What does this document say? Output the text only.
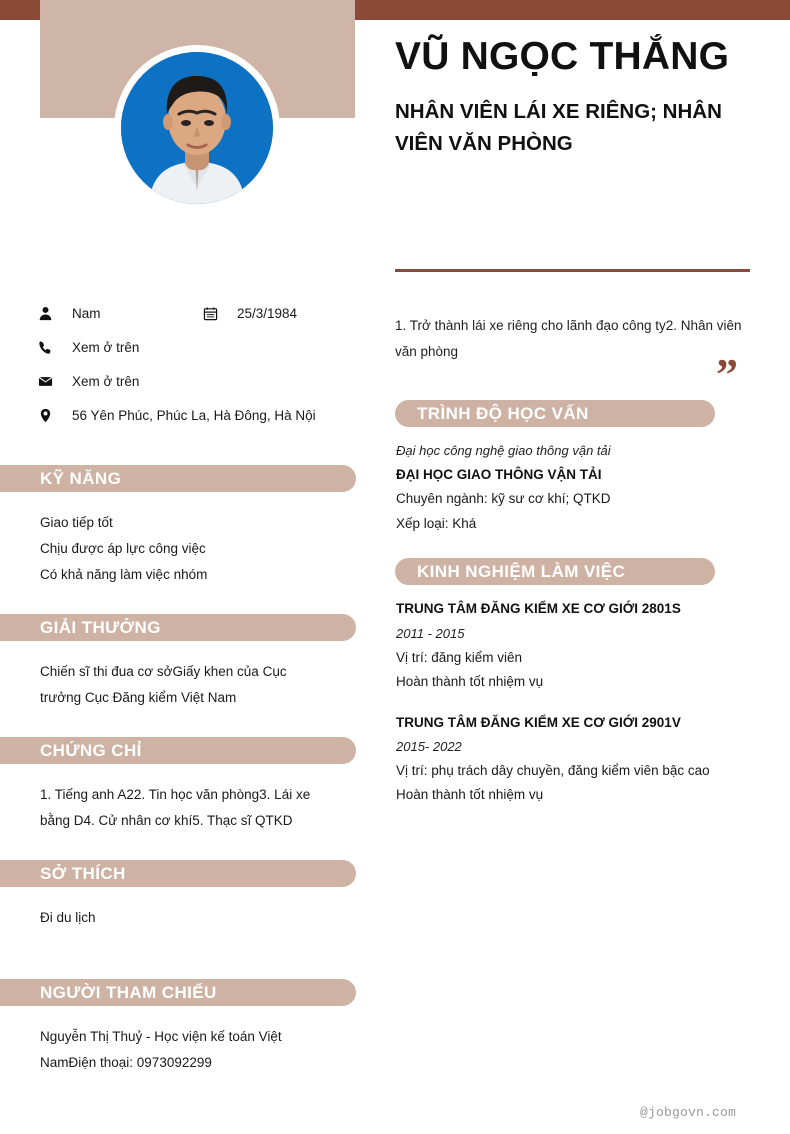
VŨ NGỌC THẮNG
NHÂN VIÊN LÁI XE RIÊNG; NHÂN VIÊN VĂN PHÒNG
1. Trở thành lái xe riêng cho lãnh đạo công ty2. Nhân viên văn phòng	”
Nam	25/3/1984
Xem ở trên
Xem ở trên
56 Yên Phúc, Phúc La, Hà Đông, Hà Nội
KỸ NĂNG
Giao tiếp tốt
Chịu được áp lực công việc
Có khả năng làm việc nhóm
GIẢI THƯỞNG
Chiến sĩ thi đua cơ sởGiấy khen của Cục trưởng Cục Đăng kiểm Việt Nam
CHỨNG CHỈ
1. Tiếng anh A22. Tin học văn phòng3. Lái xe bằng D4. Cử nhân cơ khí5. Thạc sĩ QTKD
SỞ THÍCH
Đi du lịch
NGƯỜI THAM CHIẾU
Nguyễn Thị Thuỷ - Học viện kế toán Việt NamĐiện thoại: 0973092299
TRÌNH ĐỘ HỌC VẤN
Đại học công nghệ giao thông vận tải
ĐẠI HỌC GIAO THÔNG VẬN TẢI
Chuyên ngành: kỹ sư cơ khí; QTKD
Xếp loại: Khá
KINH NGHIỆM LÀM VIỆC
TRUNG TÂM ĐĂNG KIỂM XE CƠ GIỚI 2801S
2011 - 2015
Vị trí: đăng kiểm viên
Hoàn thành tốt nhiệm vụ
TRUNG TÂM ĐĂNG KIỂM XE CƠ GIỚI 2901V
2015- 2022
Vị trí: phụ trách dây chuyền, đăng kiểm viên bậc cao
Hoàn thành tốt nhiệm vụ
@jobgovn.com
